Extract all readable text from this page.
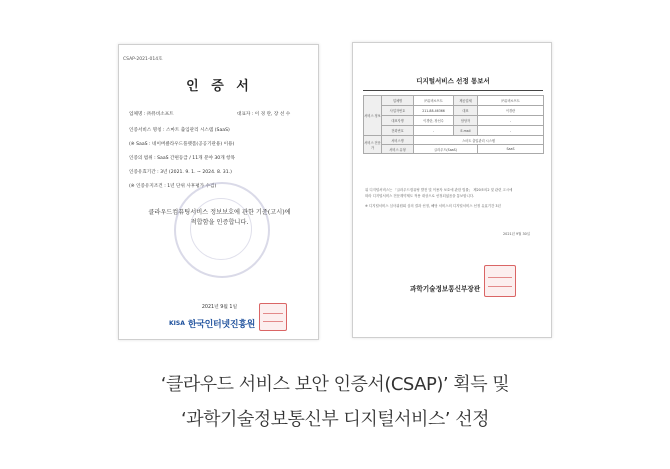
CSAP-2021-014호
인 증 서
업체명 : ㈜뮤비소프트	대표자 : 이 경 란, 장 선 수
인증서비스 명칭 : 스마트 출입관리 시스템 (SaaS)
(※ SaaS : 네이버클라우드플랫폼(공공기관용) 이용)
인증의 범위 : SaaS 간편등급 / 11개 분야 30개 항목
인증유효기간 : 3년 (2021. 9. 1. ~ 2024. 8. 31.)
(※ 인증유지조건 : 1년 단위 사후평가 수검)
클라우드컴퓨팅서비스 정보보호에 관한 기준(고시)에
적합함을 인증합니다.
2021년 9월 1일
KISA 한국인터넷진흥원
디지털서비스 선정 통보서
서비스 정보	업체명	㈜뮤비소프트	제공업체	㈜뮤비소프트
	사업자번호	211-88-46366	대표	이경란
	대표자명	이경란, 장선수	담당자	-
	전화번호	-	E-mail	-
서비스 전문가	서비스명	스마트 출입관리 시스템		
	서비스 유형	클라우드(SaaS)		SaaS
위 디지털서비스는 「클라우드컴퓨팅 발전 및 이용자 보호에 관한 법률」 제20조의2 및 관련 고시에
따라 디지털서비스 전문계약제도 적용 대상으로 선정되었음을 통보합니다.
※ 디지털서비스 심사위원회 심의 결과 선정, 해당 서비스의 디지털서비스 선정 유효기간 3년
2021년 9월 30일
과학기술정보통신부장관
‘클라우드 서비스 보안 인증서(CSAP)’ 획득 및
‘과학기술정보통신부 디지털서비스’ 선정
